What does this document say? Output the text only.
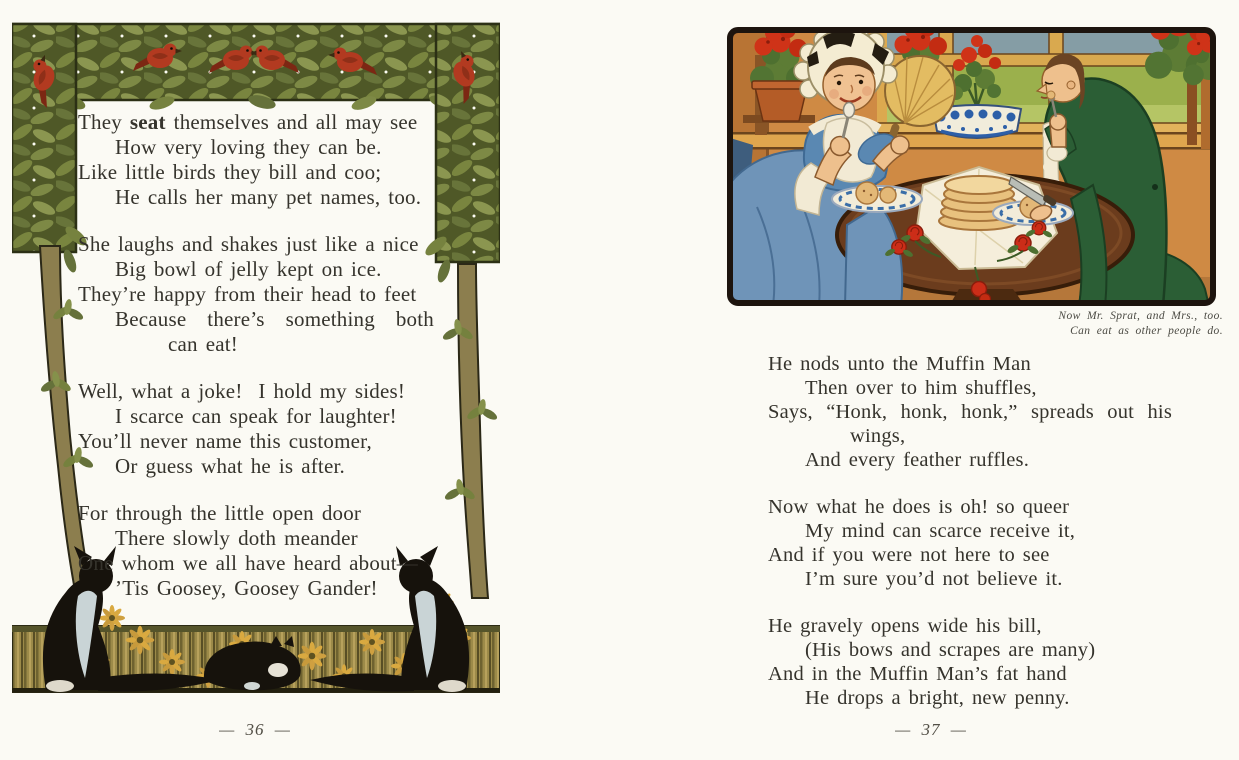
They seat themselves and all may see
How very loving they can be.
Like little birds they bill and coo;
He calls her many pet names, too.
She laughs and shakes just like a nice
Big bowl of jelly kept on ice.
They’re happy from their head to feet
Because there’s something both
can eat!
Well, what a joke!  I hold my sides!
I scarce can speak for laughter!
You’ll never name this customer,
Or guess what he is after.
For through the little open door
There slowly doth meander
One whom we all have heard about—
’Tis Goosey, Goosey Gander!
— 36 —
Now Mr. Sprat, and Mrs., too.
Can eat as other people do.
He nods unto the Muffin Man
Then over to him shuffles,
Says, “Honk, honk, honk,” spreads out his
wings,
And every feather ruffles.
Now what he does is oh! so queer
My mind can scarce receive it,
And if you were not here to see
I’m sure you’d not believe it.
He gravely opens wide his bill,
(His bows and scrapes are many)
And in the Muffin Man’s fat hand
He drops a bright, new penny.
— 37 —
